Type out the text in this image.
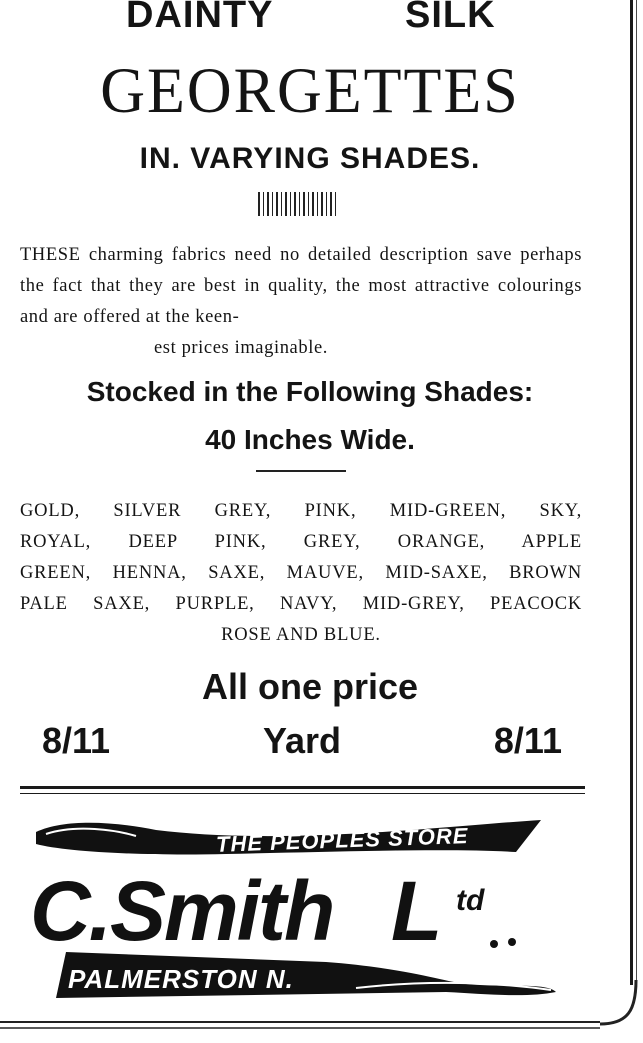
DAINTY	SILK
GEORGETTES
IN. VARYING SHADES.
THESE charming fabrics need no detailed description save perhaps the fact that they are best in quality, the most attractive colourings and are offered at the keen-
est prices imaginable.
Stocked in the Following Shades:
40 Inches Wide.
GOLD, SILVER GREY, PINK, MID-GREEN, SKY,
ROYAL, DEEP PINK, GREY, ORANGE, APPLE
GREEN, HENNA, SAXE, MAUVE, MID-SAXE, BROWN
PALE SAXE, PURPLE, NAVY, MID-GREY, PEACOCK
ROSE AND BLUE.
All one price
8/11	Yard	8/11
THE PEOPLES STORE
C.Smith L td
PALMERSTON N.
